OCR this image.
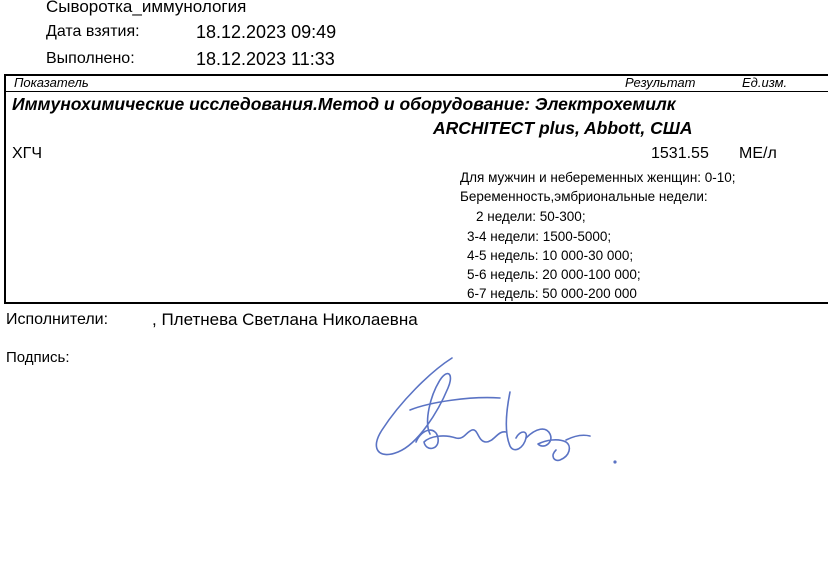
Сыворотка_иммунология
Дата взятия:	18.12.2023 09:49
Выполнено:	18.12.2023 11:33
Показатель	Результат	Ед.изм.
Иммунохимические исследования.Метод и оборудование: Электрохемилк
ARCHITECT plus, Abbott, США
ХГЧ	1531.55 МЕ/л
Для мужчин и небеременных женщин: 0-10;
Беременность,эмбриональные недели:
2 недели: 50-300;
3-4 недели: 1500-5000;
4-5 недель: 10 000-30 000;
5-6 недель: 20 000-100 000;
6-7 недель: 50 000-200 000
Исполнители:	, Плетнева Светлана Николаевна
Подпись:
